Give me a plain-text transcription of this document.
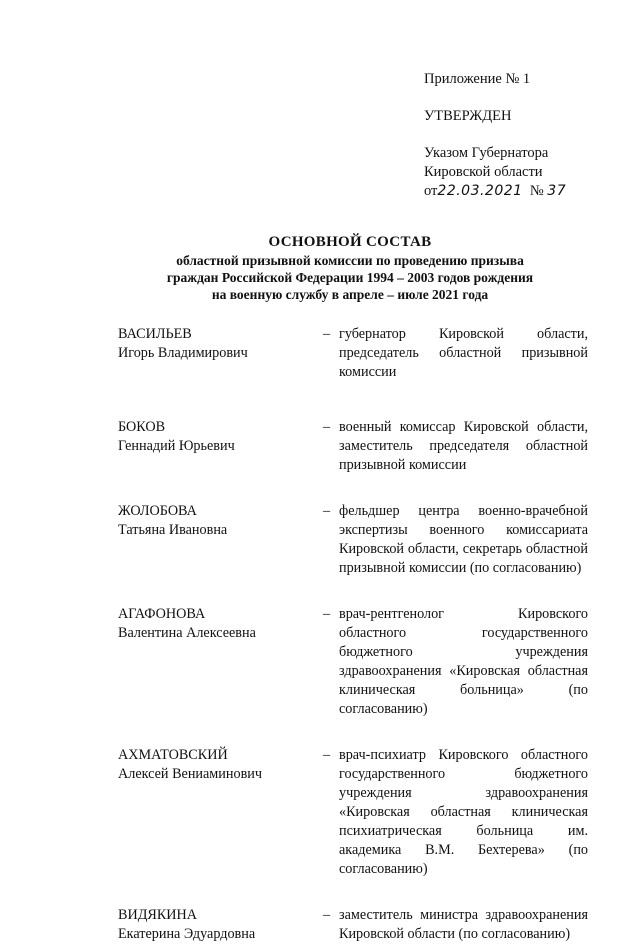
Приложение № 1
УТВЕРЖДЕН
Указом Губернатора
Кировской области
от22.03.2021 № 37
ОСНОВНОЙ СОСТАВ
областной призывной комиссии по проведению призыва
граждан Российской Федерации 1994 – 2003 годов рождения
на военную службу в апреле – июле 2021 года
ВАСИЛЬЕВ
Игорь Владимирович
– губернатор Кировской области, председатель областной призывной комиссии
БОКОВ
Геннадий Юрьевич
– военный комиссар Кировской области, заместитель председателя областной призывной комиссии
ЖОЛОБОВА
Татьяна Ивановна
– фельдшер центра военно-врачебной экспертизы военного комиссариата Кировской области, секретарь областной призывной комиссии (по согласованию)
АГАФОНОВА
Валентина Алексеевна
– врач-рентгенолог Кировского областного государственного бюджетного учреждения здравоохранения «Кировская областная клиническая больница» (по согласованию)
АХМАТОВСКИЙ
Алексей Вениаминович
– врач-психиатр Кировского областного государственного бюджетного учреждения здравоохранения «Кировская областная клиническая психиатрическая больница им. академика В.М. Бехтерева» (по согласованию)
ВИДЯКИНА
Екатерина Эдуардовна
– заместитель министра здравоохранения Кировской области (по согласованию)
